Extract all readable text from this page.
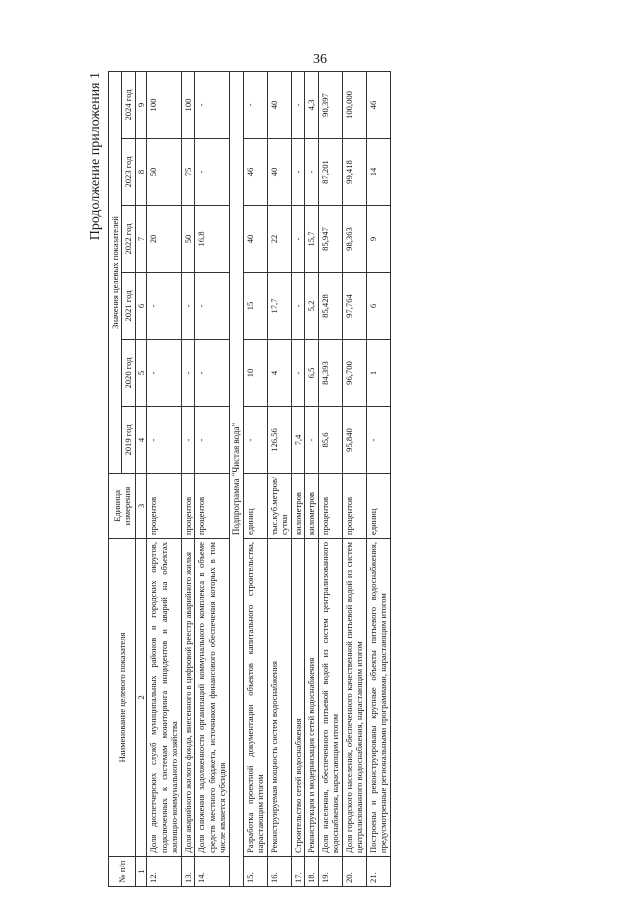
36
Продолжение приложения 1
№ п/п	Наименование целевого показателя	Единица измерения	Значения целевых показателей					
			2019 год	2020 год	2021 год	2022 год	2023 год	2024 год
1	2	3	4	5	6	7	8	9
12.	Доля диспетчерских служб муниципальных районов и городских округов, подключенных к системам мониторинга инцидентов и аварий на объектах жилищно-коммунального хозяйства	процентов	-	-	-	20	50	100
13.	Доля аварийного жилого фонда, внесенного в цифровой реестр аварийного жилья	процентов	-	-	-	50	75	100
14.	Доля снижения задолженности организаций коммунального комплекса в объеме средств местного бюджета, источником финансового обеспечения которых в том числе является субсидия	процентов	-	-	-	16,8	-	-
Подпрограмма "Чистая вода"								
15.	Разработка проектной документации объектов капитального строительства, нарастающим итогом	единиц	-	10	15	40	46	-
16.	Реконструируемая мощность систем водоснабжения	тыс.куб.метров/сутки	126,56	4	17,7	22	40	40
17.	Строительство сетей водоснабжения	километров	7,4	-	-	-	-	-
18.	Реконструкция и модернизация сетей водоснабжения	километров	-	6,5	5,2	15,7	-	4,3
19.	Доля населения, обеспеченного питьевой водой из систем централизованного водоснабжения, нарастающим итогом	процентов	85,6	84,393	85,428	85,947	87,201	90,397
20.	Доля городского населения, обеспеченного качественной питьевой водой из систем централизованного водоснабжения, нарастающим итогом	процентов	95,840	96,700	97,764	98,363	99,418	100,000
21.	Построены и реконструированы крупные объекты питьевого водоснабжения, предусмотренные региональными программами, нарастающим итогом	единиц	-	1	6	9	14	46
